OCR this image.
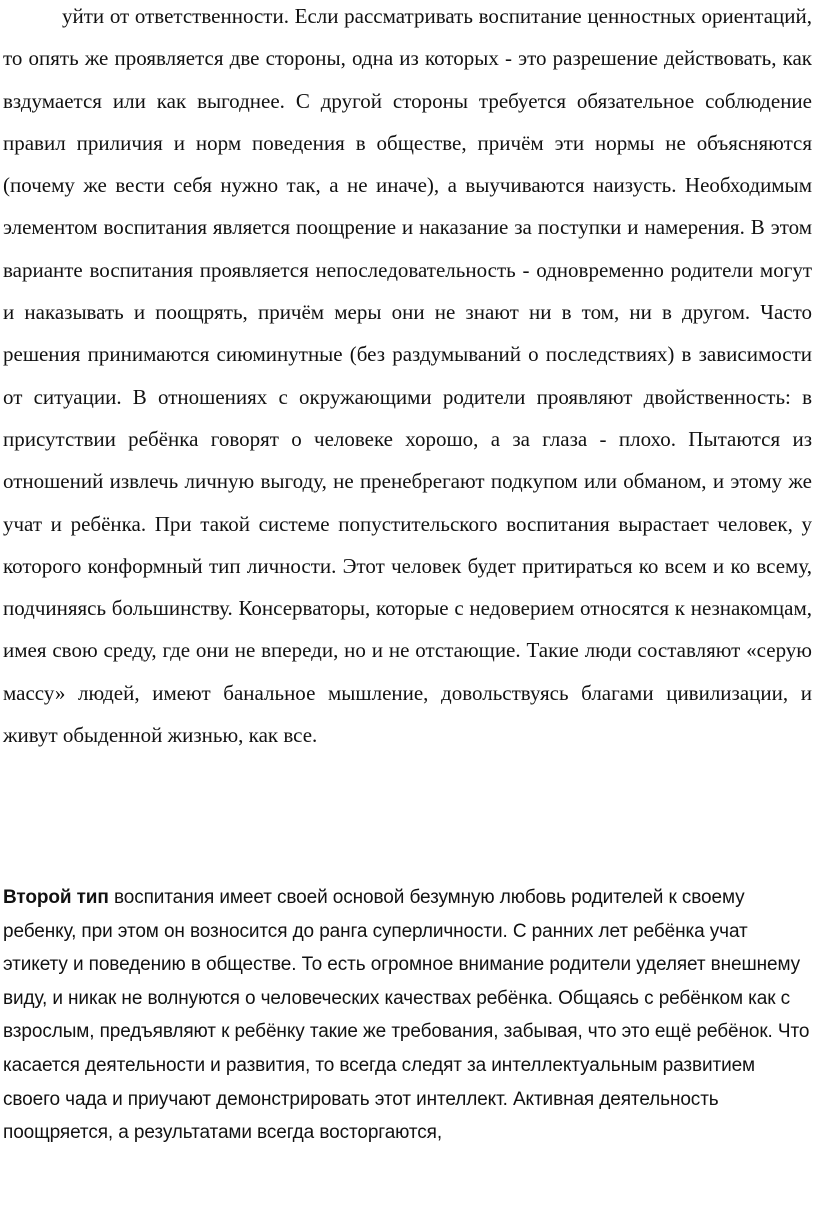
уйти от ответственности. Если рассматривать воспитание ценностных ориентаций, то опять же проявляется две стороны, одна из которых - это разрешение действовать, как вздумается или как выгоднее. С другой стороны требуется обязательное соблюдение правил приличия и норм поведения в обществе, причём эти нормы не объясняются (почему же вести себя нужно так, а не иначе), а выучиваются наизусть. Необходимым элементом воспитания является поощрение и наказание за поступки и намерения. В этом варианте воспитания проявляется непоследовательность - одновременно родители могут и наказывать и поощрять, причём меры они не знают ни в том, ни в другом. Часто решения принимаются сиюминутные (без раздумываний о последствиях) в зависимости от ситуации. В отношениях с окружающими родители проявляют двойственность: в присутствии ребёнка говорят о человеке хорошо, а за глаза - плохо. Пытаются из отношений извлечь личную выгоду, не пренебрегают подкупом или обманом, и этому же учат и ребёнка. При такой системе попустительского воспитания вырастает человек, у которого конформный тип личности. Этот человек будет притираться ко всем и ко всему, подчиняясь большинству. Консерваторы, которые с недоверием относятся к незнакомцам, имея свою среду, где они не впереди, но и не отстающие. Такие люди составляют «серую массу» людей, имеют банальное мышление, довольствуясь благами цивилизации, и живут обыденной жизнью, как все.

Второй тип воспитания имеет своей основой безумную любовь родителей к своему ребенку, при этом он возносится до ранга суперличности. С ранних лет ребёнка учат этикету и поведению в обществе. То есть огромное внимание родители уделяет внешнему виду, и никак не волнуются о человеческих качествах ребёнка. Общаясь с ребёнком как с взрослым, предъявляют к ребёнку такие же требования, забывая, что это ещё ребёнок. Что касается деятельности и развития, то всегда следят за интеллектуальным развитием своего чада и приучают демонстрировать этот интеллект. Активная деятельность поощряется, а результатами всегда восторгаются,
